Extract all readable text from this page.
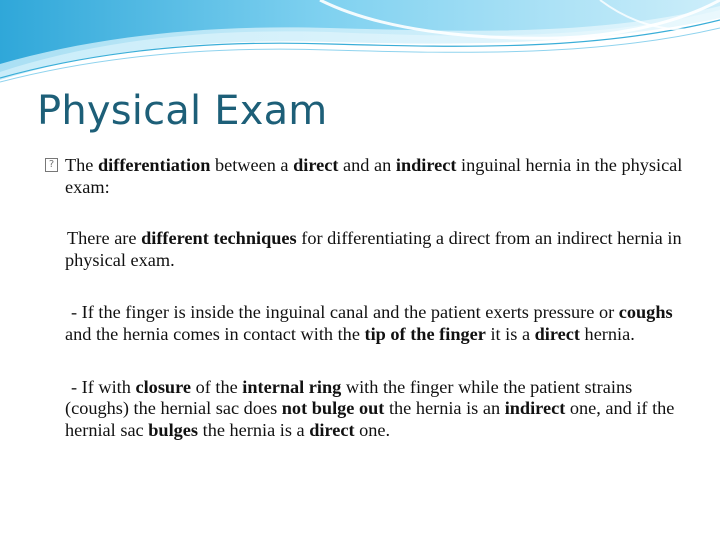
Physical Exam
? The differentiation between a direct and an indirect inguinal hernia in the physical exam:
There are different techniques for differentiating a direct from an indirect hernia in physical exam.
- If the finger is inside the inguinal canal and the patient exerts pressure or coughs and the hernia comes in contact with the tip of the finger it is a direct hernia.
- If with closure of the internal ring with the finger while the patient strains (coughs) the hernial sac does not bulge out the hernia is an indirect one, and if the hernial sac bulges the hernia is a direct one.
